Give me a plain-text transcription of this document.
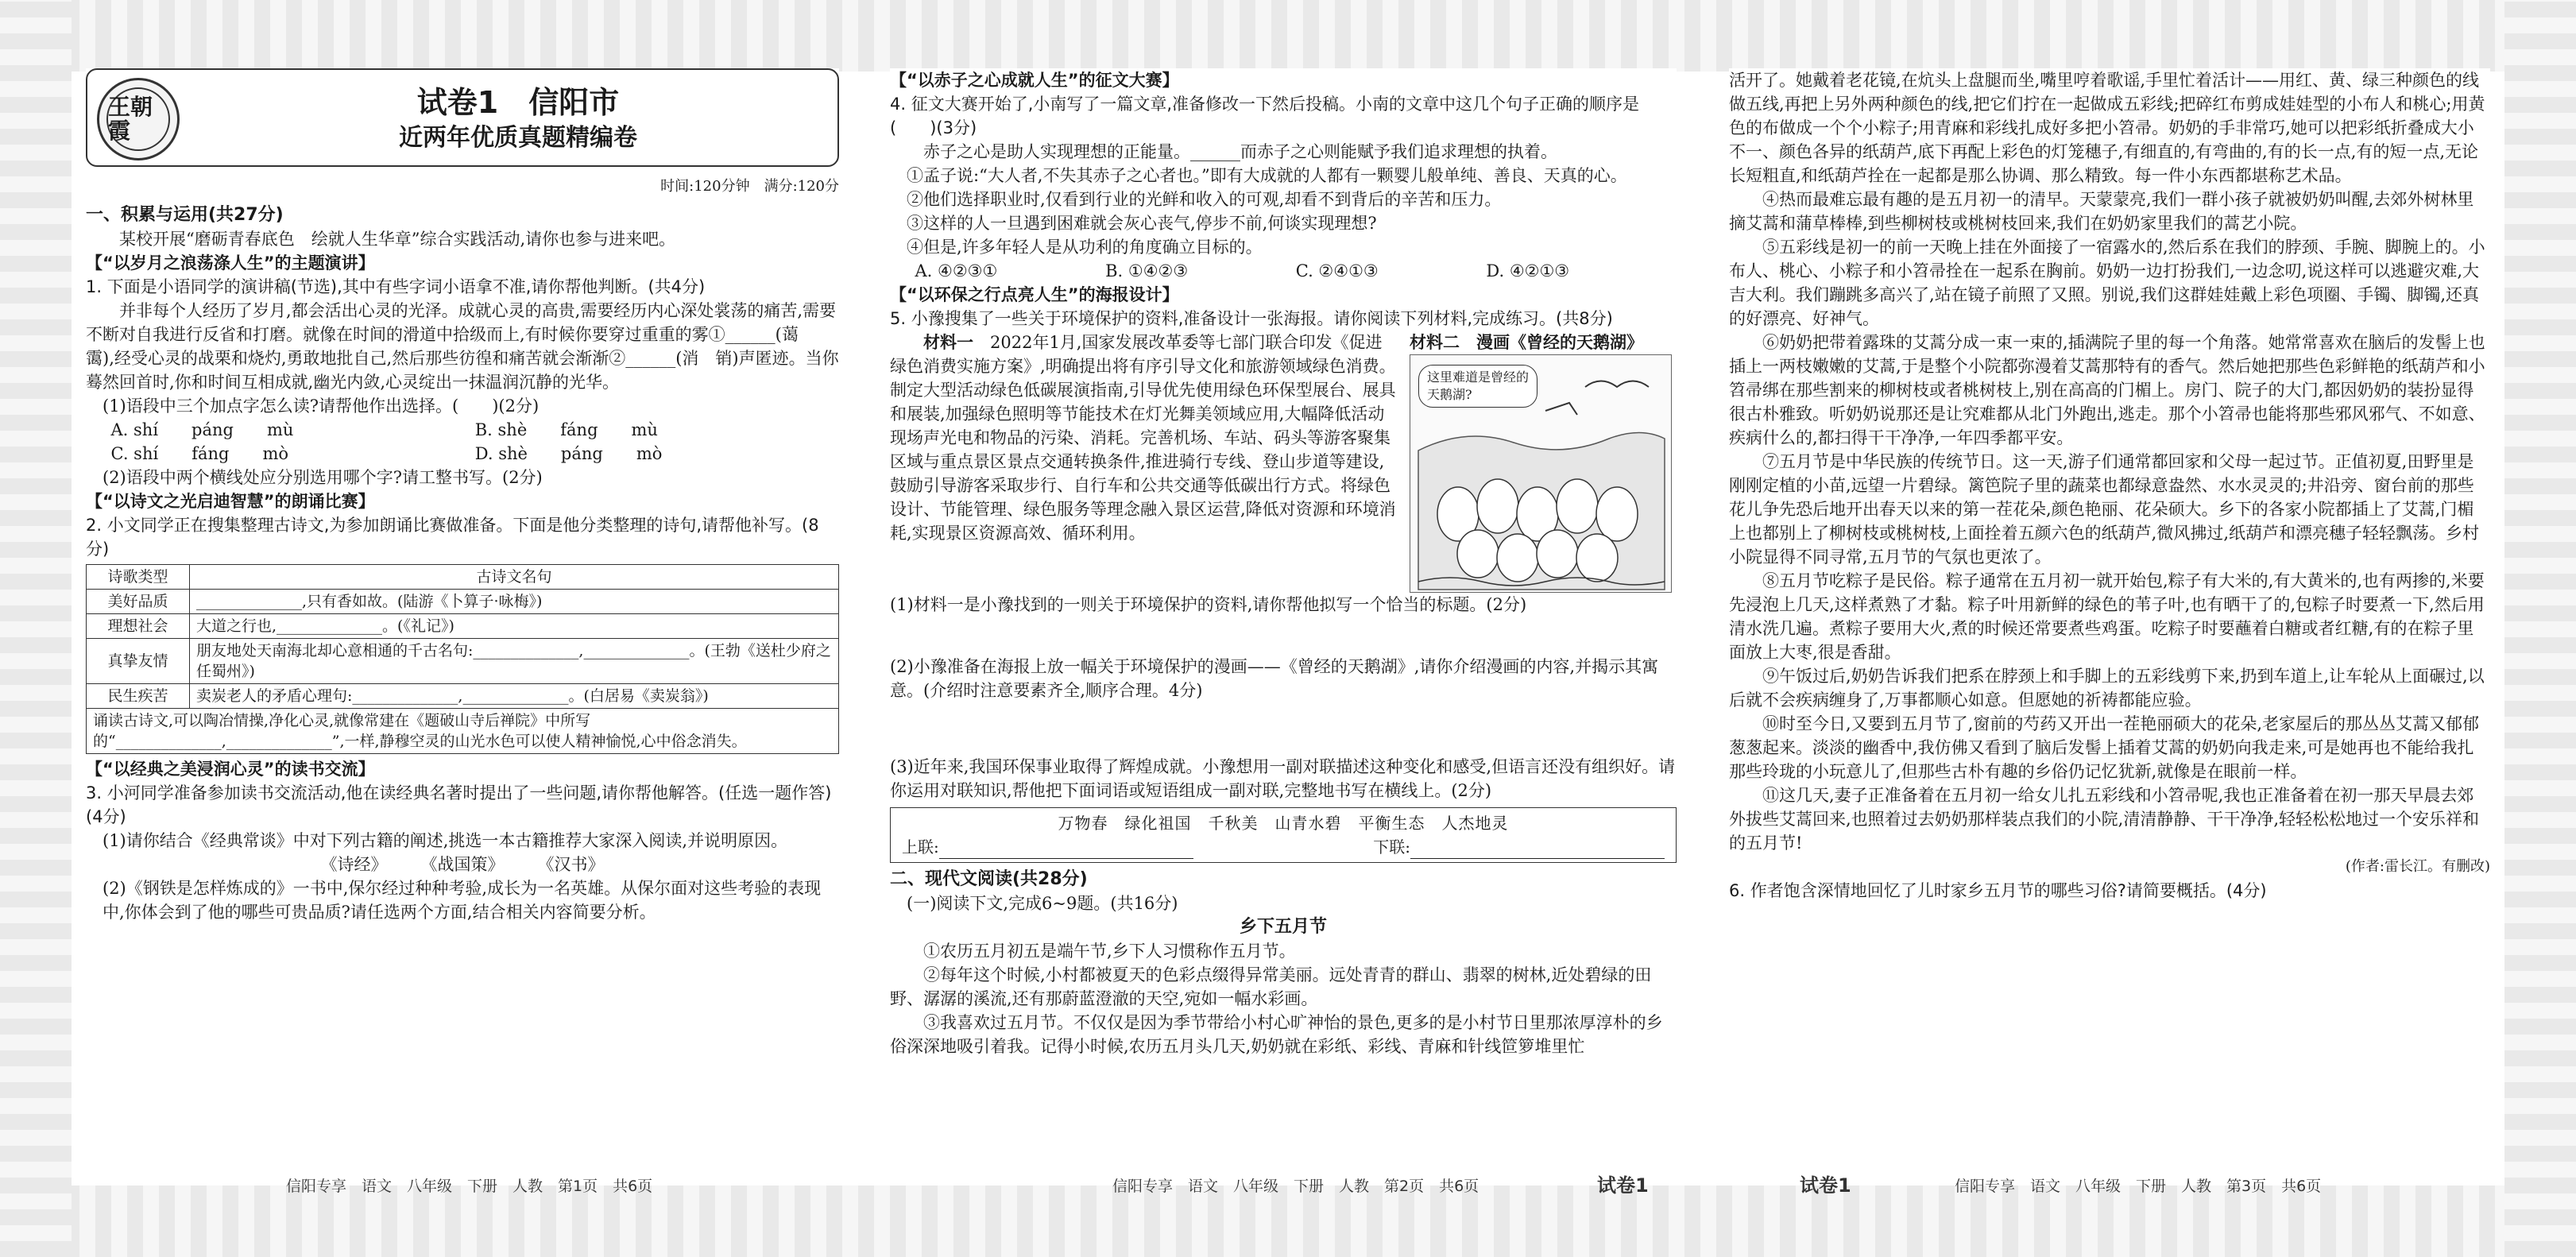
王朝霞
试卷1　信阳市
近两年优质真题精编卷
时间:120分钟　满分:120分
一、积累与运用(共27分)
某校开展“磨砺青春底色　绘就人生华章”综合实践活动,请你也参与进来吧。
【“以岁月之浪荡涤人生”的主题演讲】
1. 下面是小语同学的演讲稿(节选),其中有些字词小语拿不准,请你帮他判断。(共4分)
并非每个人经历了岁月,都会活出心灵的光泽。成就心灵的高贵,需要经历内心深处裳荡的痛苦,需要不断对自我进行反省和打磨。就像在时间的滑道中拾级而上,有时候你要穿过重重的雾①______(蔼　霭),经受心灵的战栗和烧灼,勇敢地批自己,然后那些彷徨和痛苦就会渐渐②______(消　销)声匿迹。当你蓦然回首时,你和时间互相成就,幽光内敛,心灵绽出一抹温润沉静的光华。
(1)语段中三个加点字怎么读?请帮他作出选择。(　　)(2分)
A. shí　　páng　　mù	B. shè　　fáng　　mù
C. shí　　fáng　　mò	D. shè　　páng　　mò
(2)语段中两个横线处应分别选用哪个字?请工整书写。(2分)
【“以诗文之光启迪智慧”的朗诵比赛】
2. 小文同学正在搜集整理古诗文,为参加朗诵比赛做准备。下面是他分类整理的诗句,请帮他补写。(8分)
诗歌类型	古诗文名句
美好品质	______________,只有香如故。(陆游《卜算子·咏梅》)
理想社会	大道之行也,______________。(《礼记》)
真挚友情	朋友地处天南海北却心意相通的千古名句:______________,______________。(王勃《送杜少府之任蜀州》)
民生疾苦	卖炭老人的矛盾心理句:______________,______________。(白居易《卖炭翁》)
诵读古诗文,可以陶冶情操,净化心灵,就像常建在《题破山寺后禅院》中所写的“______________,______________”,一样,静穆空灵的山光水色可以使人精神愉悦,心中俗念消失。	
【“以经典之美浸润心灵”的读书交流】
3. 小河同学准备参加读书交流活动,他在读经典名著时提出了一些问题,请你帮他解答。(任选一题作答)(4分)
(1)请你结合《经典常谈》中对下列古籍的阐述,挑选一本古籍推荐大家深入阅读,并说明原因。
《诗经》　　　《战国策》　　　《汉书》
(2)《钢铁是怎样炼成的》一书中,保尔经过种种考验,成长为一名英雄。从保尔面对这些考验的表现中,你体会到了他的哪些可贵品质?请任选两个方面,结合相关内容简要分析。
【“以赤子之心成就人生”的征文大赛】
4. 征文大赛开始了,小南写了一篇文章,准备修改一下然后投稿。小南的文章中这几个句子正确的顺序是(　　)(3分)
赤子之心是助人实现理想的正能量。______而赤子之心则能赋予我们追求理想的执着。
①孟子说:“大人者,不失其赤子之心者也。”即有大成就的人都有一颗婴儿般单纯、善良、天真的心。
②他们选择职业时,仅看到行业的光鲜和收入的可观,却看不到背后的辛苦和压力。
③这样的人一旦遇到困难就会灰心丧气,停步不前,何谈实现理想?
④但是,许多年轻人是从功利的角度确立目标的。
A. ④②③①	B. ①④②③	C. ②④①③	D. ④②①③
【“以环保之行点亮人生”的海报设计】
5. 小豫搜集了一些关于环境保护的资料,准备设计一张海报。请你阅读下列材料,完成练习。(共8分)
材料一　 2022年1月,国家发展改革委等七部门联合印发《促进绿色消费实施方案》,明确提出将有序引导文化和旅游领域绿色消费。制定大型活动绿色低碳展演指南,引导优先使用绿色环保型展台、展具和展装,加强绿色照明等节能技术在灯光舞美领域应用,大幅降低活动现场声光电和物品的污染、消耗。完善机场、车站、码头等游客聚集区域与重点景区景点交通转换条件,推进骑行专线、登山步道等建设,鼓励引导游客采取步行、自行车和公共交通等低碳出行方式。将绿色设计、节能管理、绿色服务等理念融入景区运营,降低对资源和环境消耗,实现景区资源高效、循环利用。
材料二　漫画《曾经的天鹅湖》
这里难道是曾经的天鹅湖?
(1)材料一是小豫找到的一则关于环境保护的资料,请你帮他拟写一个恰当的标题。(2分)
(2)小豫准备在海报上放一幅关于环境保护的漫画——《曾经的天鹅湖》,请你介绍漫画的内容,并揭示其寓意。(介绍时注意要素齐全,顺序合理。4分)
(3)近年来,我国环保事业取得了辉煌成就。小豫想用一副对联描述这种变化和感受,但语言还没有组织好。请你运用对联知识,帮他把下面词语或短语组成一副对联,完整地书写在横线上。(2分)
万物春　绿化祖国　千秋美　山青水碧　平衡生态　人杰地灵
上联:	下联:
二、现代文阅读(共28分)
(一)阅读下文,完成6~9题。(共16分)
乡下五月节
①农历五月初五是端午节,乡下人习惯称作五月节。
②每年这个时候,小村都被夏天的色彩点缀得异常美丽。远处青青的群山、翡翠的树林,近处碧绿的田野、潺潺的溪流,还有那蔚蓝澄澈的天空,宛如一幅水彩画。
③我喜欢过五月节。不仅仅是因为季节带给小村心旷神怡的景色,更多的是小村节日里那浓厚淳朴的乡俗深深地吸引着我。记得小时候,农历五月头几天,奶奶就在彩纸、彩线、青麻和针线笸箩堆里忙
活开了。她戴着老花镜,在炕头上盘腿而坐,嘴里哼着歌谣,手里忙着活计——用红、黄、绿三种颜色的线做五线,再把上另外两种颜色的线,把它们拧在一起做成五彩线;把碎红布剪成娃娃型的小布人和桃心;用黄色的布做成一个个小粽子;用青麻和彩线扎成好多把小笤帚。奶奶的手非常巧,她可以把彩纸折叠成大小不一、颜色各异的纸葫芦,底下再配上彩色的灯笼穗子,有细直的,有弯曲的,有的长一点,有的短一点,无论长短粗直,和纸葫芦拴在一起都是那么协调、那么精致。每一件小东西都堪称艺术品。
④热而最难忘最有趣的是五月初一的清早。天蒙蒙亮,我们一群小孩子就被奶奶叫醒,去郊外树林里摘艾蒿和蒲草棒棒,到些柳树枝或桃树枝回来,我们在奶奶家里我们的蒿艺小院。
⑤五彩线是初一的前一天晚上挂在外面接了一宿露水的,然后系在我们的脖颈、手腕、脚腕上的。小布人、桃心、小粽子和小笤帚拴在一起系在胸前。奶奶一边打扮我们,一边念叨,说这样可以逃避灾难,大吉大利。我们蹦跳多高兴了,站在镜子前照了又照。别说,我们这群娃娃戴上彩色项圈、手镯、脚镯,还真的好漂亮、好神气。
⑥奶奶把带着露珠的艾蒿分成一束一束的,插满院子里的每一个角落。她常常喜欢在脑后的发髻上也插上一两枝嫩嫩的艾蒿,于是整个小院都弥漫着艾蒿那特有的香气。然后她把那些色彩鲜艳的纸葫芦和小笤帚绑在那些割来的柳树枝或者桃树枝上,别在高高的门楣上。房门、院子的大门,都因奶奶的装扮显得很古朴雅致。听奶奶说那还是让究难都从北门外跑出,逃走。那个小笤帚也能将那些邪风邪气、不如意、疾病什么的,都扫得干干净净,一年四季都平安。
⑦五月节是中华民族的传统节日。这一天,游子们通常都回家和父母一起过节。正值初夏,田野里是刚刚定植的小苗,远望一片碧绿。篱笆院子里的蔬菜也都绿意盎然、水水灵灵的;井沿旁、窗台前的那些花儿争先恐后地开出春天以来的第一茬花朵,颜色艳丽、花朵硕大。乡下的各家小院都插上了艾蒿,门楣上也都别上了柳树枝或桃树枝,上面拴着五颜六色的纸葫芦,微风拂过,纸葫芦和漂亮穗子轻轻飘荡。乡村小院显得不同寻常,五月节的气氛也更浓了。
⑧五月节吃粽子是民俗。粽子通常在五月初一就开始包,粽子有大米的,有大黄米的,也有两掺的,米要先浸泡上几天,这样煮熟了才黏。粽子叶用新鲜的绿色的苇子叶,也有晒干了的,包粽子时要煮一下,然后用清水洗几遍。煮粽子要用大火,煮的时候还常要煮些鸡蛋。吃粽子时要蘸着白糖或者红糖,有的在粽子里面放上大枣,很是香甜。
⑨午饭过后,奶奶告诉我们把系在脖颈上和手脚上的五彩线剪下来,扔到车道上,让车轮从上面碾过,以后就不会疾病缠身了,万事都顺心如意。但愿她的祈祷都能应验。
⑩时至今日,又要到五月节了,窗前的芍药又开出一茬艳丽硕大的花朵,老家屋后的那丛丛艾蒿又郁郁葱葱起来。淡淡的幽香中,我仿佛又看到了脑后发髻上插着艾蒿的奶奶向我走来,可是她再也不能给我扎那些玲珑的小玩意儿了,但那些古朴有趣的乡俗仍记忆犹新,就像是在眼前一样。
⑪这几天,妻子正准备着在五月初一给女儿扎五彩线和小笤帚呢,我也正准备着在初一那天早晨去郊外拔些艾蒿回来,也照着过去奶奶那样装点我们的小院,清清静静、干干净净,轻轻松松地过一个安乐祥和的五月节!
(作者:雷长江。有删改)
6. 作者饱含深情地回忆了儿时家乡五月节的哪些习俗?请简要概括。(4分)
信阳专享　语文　八年级　下册　人教　第1页　共6页	信阳专享　语文　八年级　下册　人教　第2页　共6页	试卷1	试卷1	信阳专享　语文　八年级　下册　人教　第3页　共6页
